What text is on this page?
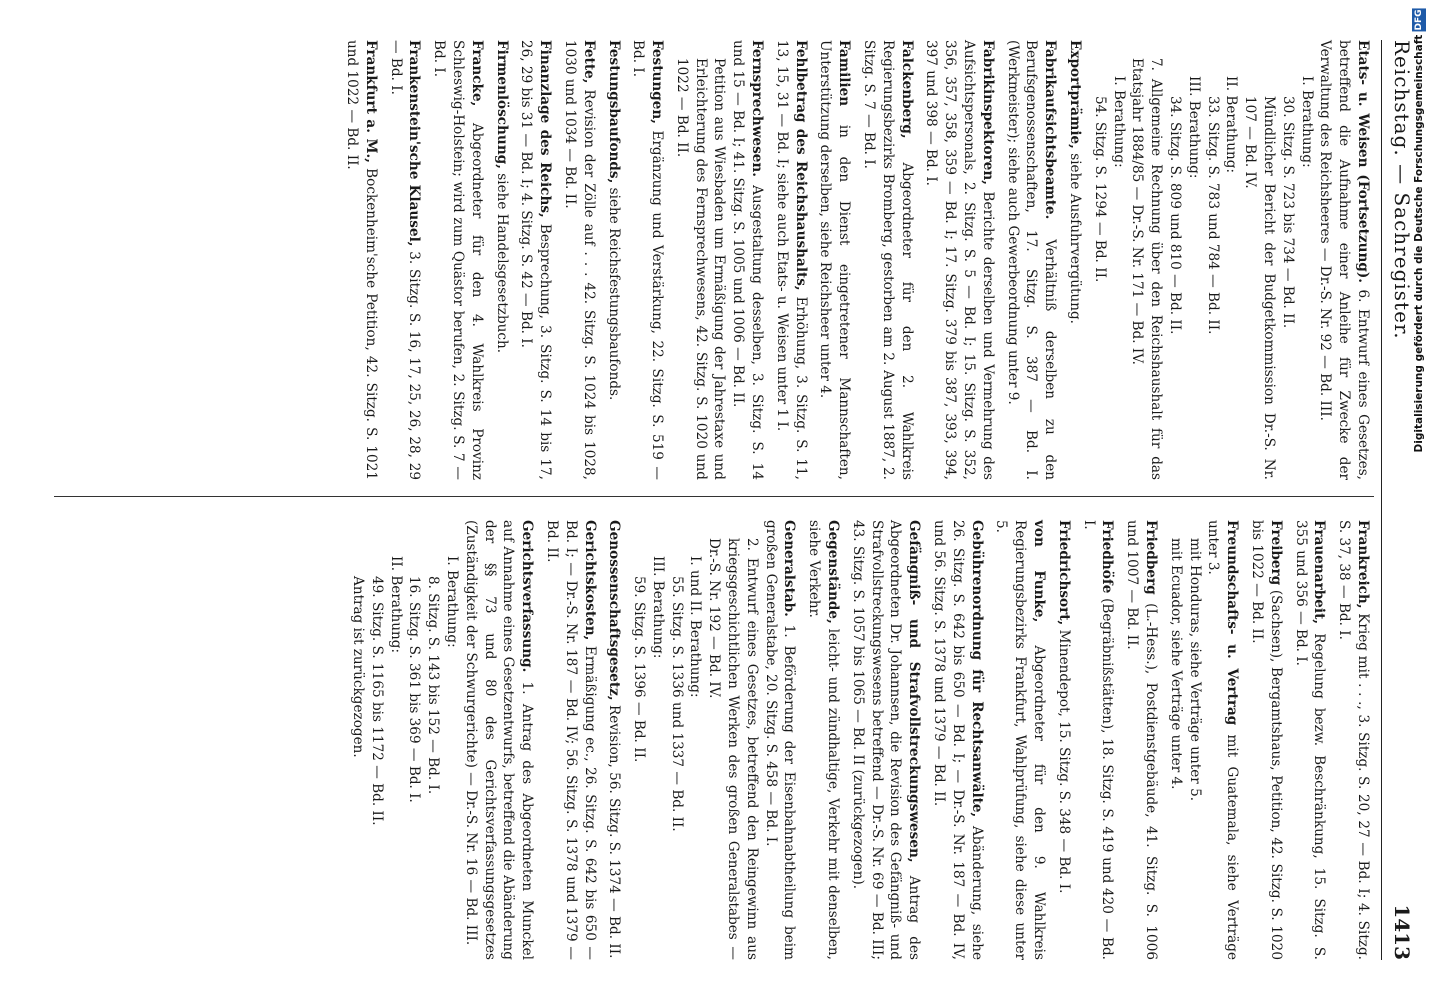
Reichstag. — Sachregister.
1413
Etats- u. Weisen (Fortsetzung). 6. Entwurf eines Gesetzes, betreffend die Aufnahme einer Anleihe für Zwecke der Verwaltung des Reichsheeres — Dr.-S. Nr. 92 — Bd. III.
I. Berathung:
30. Sitzg. S. 723 bis 734 — Bd. II.
Mündlicher Bericht der Budgetkommission Dr.-S. Nr. 107 — Bd. IV.
II. Berathung:
33. Sitzg. S. 783 und 784 — Bd. II.
III. Berathung:
34. Sitzg. S. 809 und 810 — Bd. II.
7. Allgemeine Rechnung über den Reichshaushalt für das Etatsjahr 1884/85 — Dr.-S. Nr. 171 — Bd. IV.
I. Berathung:
54. Sitzg. S. 1294 — Bd. II.
Exportprämie, siehe Ausfuhrvergütung.
Fabrikaufsichtsbeamte. Verhältniß derselben zu den Berufsgenossenschaften, 17. Sitzg. S. 387 — Bd. I. (Werkmeister); siehe auch Gewerbeordnung unter 9.
Fabrikinspektoren, Berichte derselben und Vermehrung des Aufsichtspersonals, 2. Sitzg. S. 5 — Bd. I; 15. Sitzg. S. 352, 356, 357, 358, 359 — Bd. I; 17. Sitzg. 379 bis 387, 393, 394, 397 und 398 — Bd. I.
Falckenberg, Abgeordneter für den 2. Wahlkreis Regierungsbezirks Bromberg, gestorben am 2. August 1887, 2. Sitzg. S. 7 — Bd. I.
Familien in den Dienst eingetretener Mannschaften, Unterstützung derselben, siehe Reichsheer unter 4.
Fehlbetrag des Reichshaushalts, Erhöhung, 3. Sitzg. S. 11, 13, 15, 31 — Bd. I; siehe auch Etats- u. Weisen unter 1 I.
Fernsprechwesen. Ausgestaltung desselben, 3. Sitzg. S. 14 und 15 — Bd. I; 41. Sitzg. S. 1005 und 1006 — Bd. II.
Petition aus Wiesbaden um Ermäßigung der Jahrestaxe und Erleichterung des Fernsprechwesens, 42. Sitzg. S. 1020 und 1022 — Bd. II.
Festungen, Ergänzung und Verstärkung, 22. Sitzg. S. 519 — Bd. I.
Festungsbaufonds, siehe Reichsfestungsbaufonds.
Fette, Revision der Zölle auf . . . 42. Sitzg. S. 1024 bis 1028, 1030 und 1034 — Bd. II.
Finanzlage des Reichs, Besprechung, 3. Sitzg. S. 14 bis 17, 26, 29 bis 31 — Bd. I; 4. Sitzg. S. 42 — Bd. I.
Firmenlöschung, siehe Handelsgesetzbuch.
Francke, Abgeordneter für den 4. Wahlkreis Provinz Schleswig-Holstein; wird zum Quästor berufen, 2. Sitzg. S. 7 — Bd. I.
Frankenstein'sche Klausel, 3. Sitzg. S. 16, 17, 25, 26, 28, 29 — Bd. I.
Frankfurt a. M., Bockenheim'sche Petition, 42. Sitzg. S. 1021 und 1022 — Bd. II.
Frankreich, Krieg mit . . ., 3. Sitzg. S. 20, 27 — Bd. I; 4. Sitzg. S. 37, 38 — Bd. I.
Frauenarbeit, Regelung bezw. Beschränkung, 15. Sitzg. S. 355 und 356 — Bd. I.
Freiberg (Sachsen), Bergamtshaus, Petition, 42. Sitzg. S. 1020 bis 1022 — Bd. II.
Freundschafts- u. Vertrag mit Guatemala, siehe Verträge unter 3.
mit Honduras, siehe Verträge unter 5.
mit Ecuador, siehe Verträge unter 4.
Friedberg (L.-Hess.), Postdienstgebäude, 41. Sitzg. S. 1006 und 1007 — Bd. II.
Friedhöfe (Begräbnißstätten), 18. Sitzg. S. 419 und 420 — Bd. I.
Friedrichsort, Minendepot, 15. Sitzg. S. 348 — Bd. I.
von Funke, Abgeordneter für den 9. Wahlkreis Regierungsbezirks Frankfurt, Wahlprüfung, siehe diese unter 5.
Gebührenordnung für Rechtsanwälte, Abänderung, siehe 26. Sitzg. S. 642 bis 650 — Bd. I; — Dr.-S. Nr. 187 — Bd. IV, und 56. Sitzg. S. 1378 und 1379 — Bd. II.
Gefängniß- und Strafvollstreckungswesen, Antrag des Abgeordneten Dr. Johannsen, die Revision des Gefängniß- und Strafvollstreckungswesens betreffend — Dr.-S. Nr. 69 — Bd. III; 43. Sitzg. S. 1057 bis 1065 — Bd. II (zurückgezogen).
Gegenstände, leicht- und zündhaltige, Verkehr mit denselben, siehe Verkehr.
Generalstab. 1. Beförderung der Eisenbahnabtheilung beim großen Generalstabe, 20. Sitzg. S. 458 — Bd. I.
2. Entwurf eines Gesetzes, betreffend den Reingewinn aus kriegsgeschichtlichen Werken des großen Generalstabes — Dr.-S. Nr. 192 — Bd. IV.
I. und II. Berathung:
55. Sitzg. S. 1336 und 1337 — Bd. II.
III. Berathung:
59. Sitzg. S. 1396 — Bd. II.
Genossenschaftsgesetz, Revision, 56. Sitzg. S. 1374 — Bd. II.
Gerichtskosten, Ermäßigung ec., 26. Sitzg. S. 642 bis 650 — Bd. I; — Dr.-S. Nr. 187 — Bd. IV; 56. Sitzg. S. 1378 und 1379 — Bd. II.
Gerichtsverfassung. 1. Antrag des Abgeordneten Munckel auf Annahme eines Gesetzentwurfs, betreffend die Abänderung der §§ 73 und 80 des Gerichtsverfassungsgesetzes (Zuständigkeit der Schwurgerichte) — Dr.-S. Nr. 16 — Bd. III.
I. Berathung:
8. Sitzg. S. 143 bis 152 — Bd. I.
16. Sitzg. S. 361 bis 369 — Bd. I.
II. Berathung:
49. Sitzg. S. 1165 bis 1172 — Bd. II.
Antrag ist zurückgezogen.
Digitalisierung gefördert durch die Deutsche Forschungsgemeinschaft DFG
